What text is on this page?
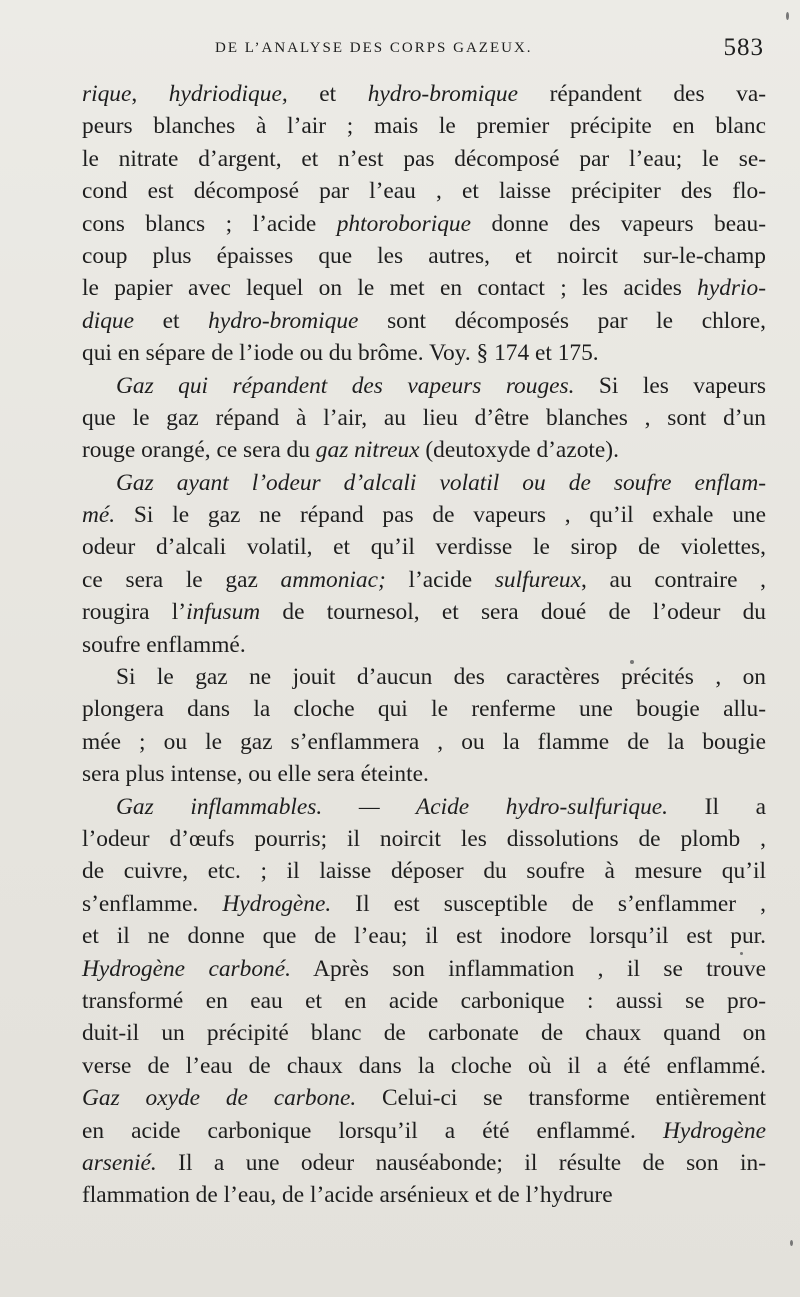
DE L’ANALYSE DES CORPS GAZEUX.	583
rique, hydriodique, et hydro-bromique répandent des va-
peurs blanches à l’air ; mais le premier précipite en blanc
le nitrate d’argent, et n’est pas décomposé par l’eau; le se-
cond est décomposé par l’eau , et laisse précipiter des flo-
cons blancs ; l’acide phtoroborique donne des vapeurs beau-
coup plus épaisses que les autres, et noircit sur-le-champ
le papier avec lequel on le met en contact ; les acides hydrio-
dique et hydro-bromique sont décomposés par le chlore,
qui en sépare de l’iode ou du brôme. Voy. § 174 et 175.
Gaz qui répandent des vapeurs rouges. Si les vapeurs
que le gaz répand à l’air, au lieu d’être blanches , sont d’un
rouge orangé, ce sera du gaz nitreux (deutoxyde d’azote).
Gaz ayant l’odeur d’alcali volatil ou de soufre enflam-
mé. Si le gaz ne répand pas de vapeurs , qu’il exhale une
odeur d’alcali volatil, et qu’il verdisse le sirop de violettes,
ce sera le gaz ammoniac; l’acide sulfureux, au contraire ,
rougira l’infusum de tournesol, et sera doué de l’odeur du
soufre enflammé.
Si le gaz ne jouit d’aucun des caractères précités , on
plongera dans la cloche qui le renferme une bougie allu-
mée ; ou le gaz s’enflammera , ou la flamme de la bougie
sera plus intense, ou elle sera éteinte.
Gaz inflammables. — Acide hydro-sulfurique. Il a
l’odeur d’œufs pourris; il noircit les dissolutions de plomb ,
de cuivre, etc. ; il laisse déposer du soufre à mesure qu’il
s’enflamme. Hydrogène. Il est susceptible de s’enflammer ,
et il ne donne que de l’eau; il est inodore lorsqu’il est pur.
Hydrogène carboné. Après son inflammation , il se trouve
transformé en eau et en acide carbonique : aussi se pro-
duit-il un précipité blanc de carbonate de chaux quand on
verse de l’eau de chaux dans la cloche où il a été enflammé.
Gaz oxyde de carbone. Celui-ci se transforme entièrement
en acide carbonique lorsqu’il a été enflammé. Hydrogène
arsenié. Il a une odeur nauséabonde; il résulte de son in-
flammation de l’eau, de l’acide arsénieux et de l’hydrure
